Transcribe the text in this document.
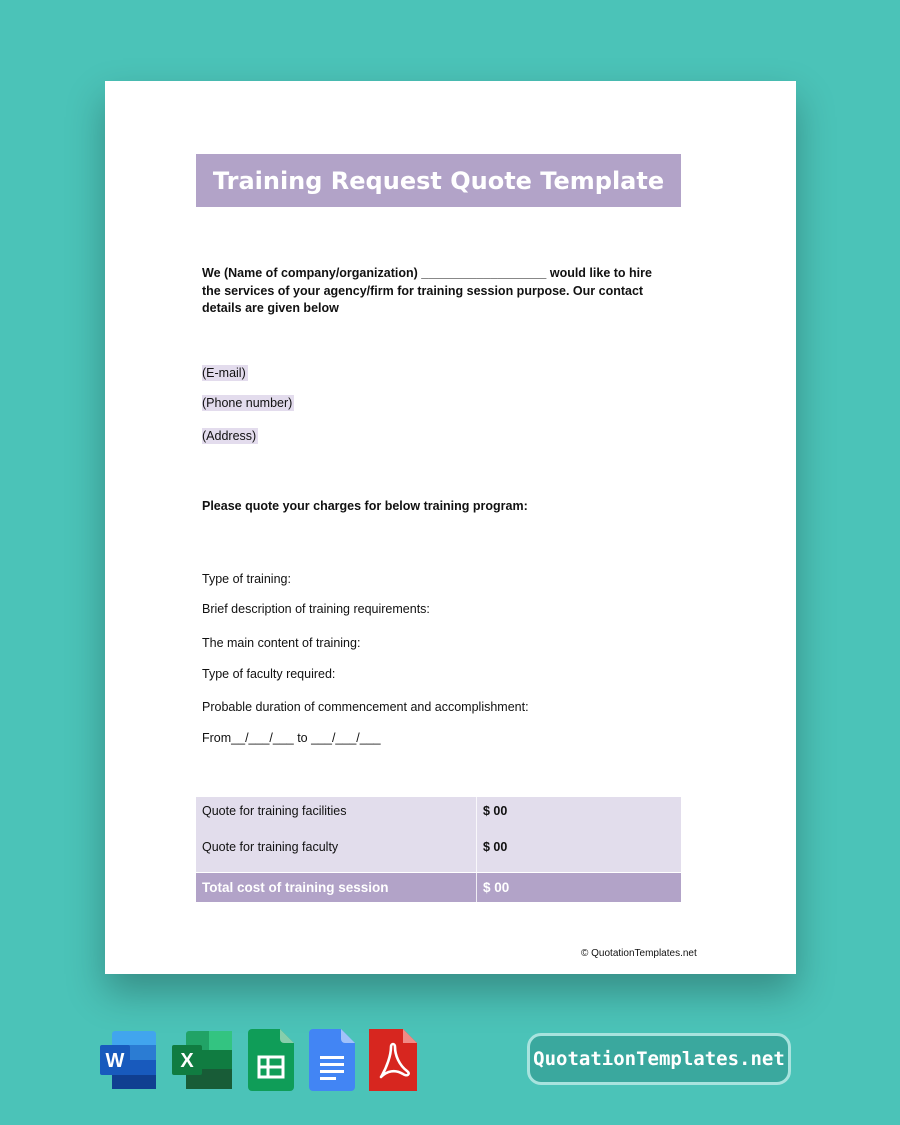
Training Request Quote Template
We (Name of company/organization) __________________ would like to hire the services of your agency/firm for training session purpose. Our contact details are given below
(E-mail)
(Phone number)
(Address)
Please quote your charges for below training program:
Type of training:
Brief description of training requirements:
The main content of training:
Type of faculty required:
Probable duration of commencement and accomplishment:
From__/___/___ to ___/___/___
Quote for training facilities	$ 00
Quote for training faculty	$ 00
Total cost of training session	$ 00
© QuotationTemplates.net
W	X	QuotationTemplates.net
